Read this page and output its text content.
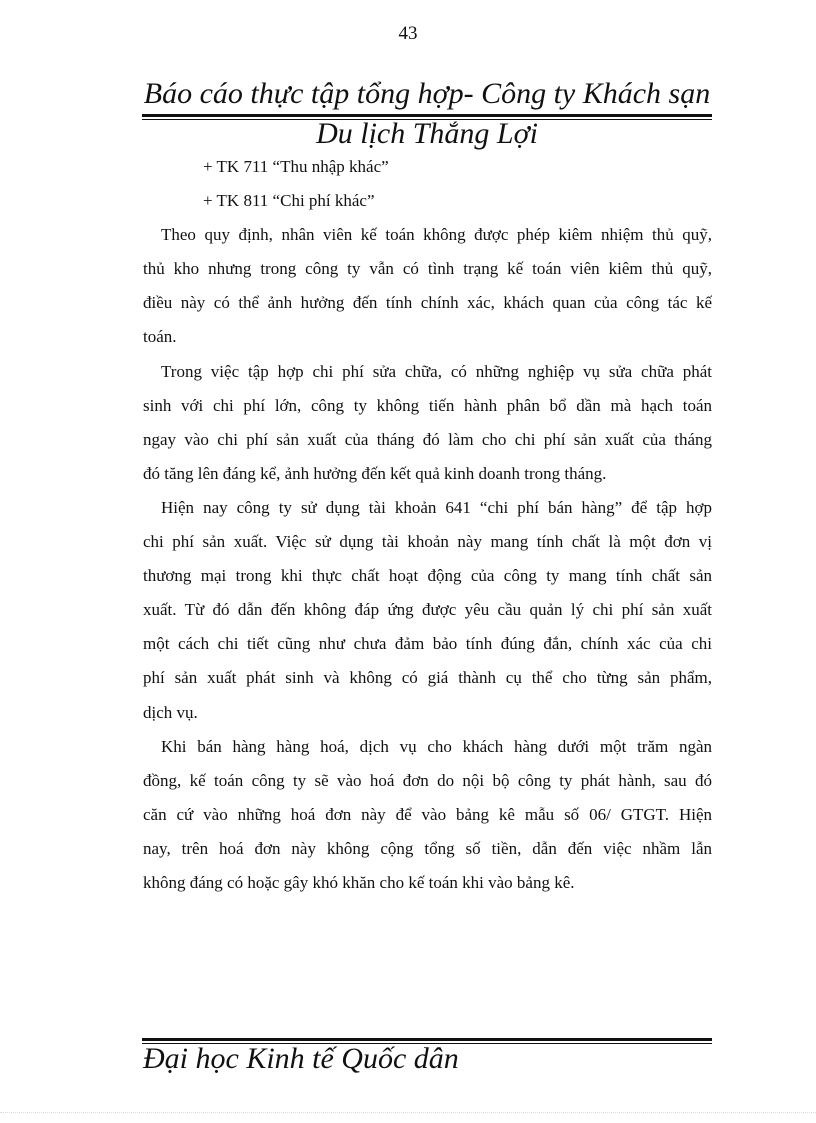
43
Báo cáo thực tập tổng hợp- Công ty Khách sạn
Du lịch Thắng Lợi
+ TK 711 “Thu nhập khác”
+ TK 811 “Chi phí khác”
Theo quy định, nhân viên kế toán không được phép kiêm nhiệm thủ quỹ,
thủ kho nhưng trong công ty vẫn có tình trạng kế toán viên kiêm thủ quỹ,
điều này có thể ảnh hưởng đến tính chính xác, khách quan của công tác kế
toán.
Trong việc tập hợp chi phí sửa chữa, có những nghiệp vụ sửa chữa phát
sinh với chi phí lớn, công ty không tiến hành phân bổ dần mà hạch toán
ngay vào chi phí sản xuất của tháng đó làm cho chi phí sản xuất của tháng
đó tăng lên đáng kể, ảnh hưởng đến kết quả kinh doanh trong tháng.
Hiện nay công ty sử dụng tài khoản 641 “chi phí bán hàng” để tập hợp
chi phí sản xuất. Việc sử dụng tài khoản này mang tính chất là một đơn vị
thương mại trong khi thực chất hoạt động của công ty mang tính chất sản
xuất. Từ đó dẫn đến không đáp ứng được yêu cầu quản lý chi phí sản xuất
một cách chi tiết cũng như chưa đảm bảo tính đúng đắn, chính xác của chi
phí sản xuất phát sinh và không có giá thành cụ thể cho từng sản phẩm,
dịch vụ.
Khi bán hàng hàng hoá, dịch vụ cho khách hàng dưới một trăm ngàn
đồng, kế toán công ty sẽ vào hoá đơn do nội bộ công ty phát hành, sau đó
căn cứ vào những hoá đơn này để vào bảng kê mẫu số 06/ GTGT. Hiện
nay, trên hoá đơn này không cộng tổng số tiền, dẫn đến việc nhầm lẫn
không đáng có hoặc gây khó khăn cho kế toán khi vào bảng kê.
Đại học Kinh tế Quốc dân
